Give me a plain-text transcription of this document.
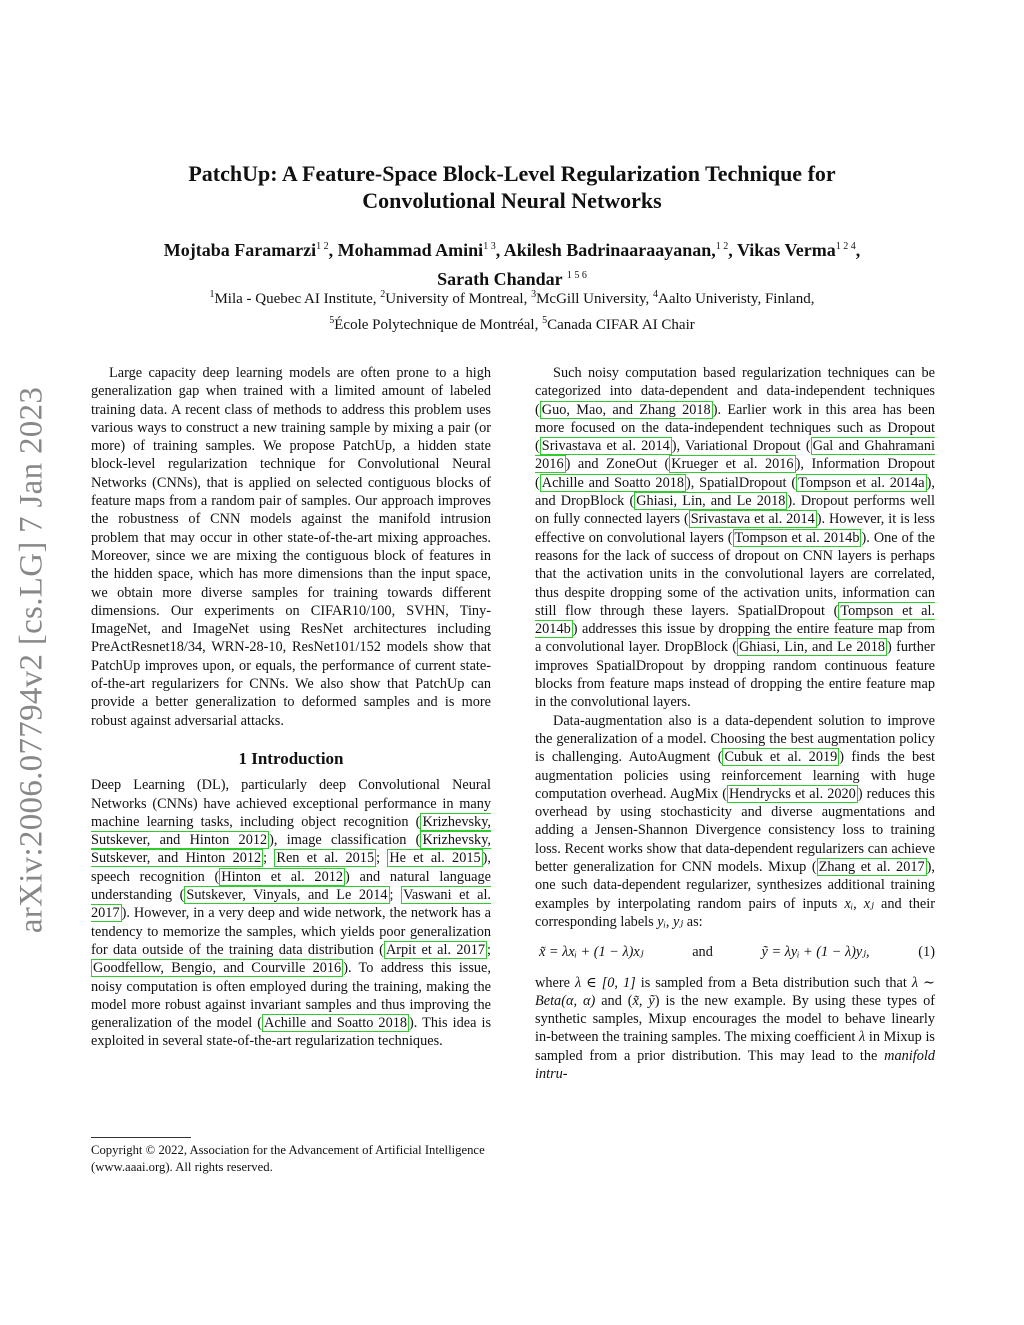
arXiv:2006.07794v2 [cs.LG] 7 Jan 2023
PatchUp: A Feature-Space Block-Level Regularization Technique for
Convolutional Neural Networks
Mojtaba Faramarzi$^{1 2}$, Mohammad Amini$^{1 3}$, Akilesh Badrinaaraayanan,$^{1 2}$, Vikas Verma$^{1 2 4}$,
Sarath Chandar $^{1 5 6}$
$^1$Mila - Quebec AI Institute, $^2$University of Montreal, $^3$McGill University, $^4$Aalto Univeristy, Finland,
$^5$École Polytechnique de Montréal, $^5$Canada CIFAR AI Chair

Large capacity deep learning models are often prone to a high generalization gap when trained with a limited amount of labeled training data. A recent class of methods to address this problem uses various ways to construct a new training sample by mixing a pair (or more) of training samples. We propose PatchUp, a hidden state block-level regularization technique for Convolutional Neural Networks (CNNs), that is applied on selected contiguous blocks of feature maps from a random pair of samples. Our approach improves the robustness of CNN models against the manifold intrusion problem that may occur in other state-of-the-art mixing approaches. Moreover, since we are mixing the contiguous block of features in the hidden space, which has more dimensions than the input space, we obtain more diverse samples for training towards different dimensions. Our experiments on CIFAR10/100, SVHN, Tiny-ImageNet, and ImageNet using ResNet architectures including PreActResnet18/34, WRN-28-10, ResNet101/152 models show that PatchUp improves upon, or equals, the performance of current state-of-the-art regularizers for CNNs. We also show that PatchUp can provide a better generalization to deformed samples and is more robust against adversarial attacks.

1 Introduction

Deep Learning (DL), particularly deep Convolutional Neural Networks (CNNs) have achieved exceptional performance in many machine learning tasks, including object recognition ( Krizhevsky, Sutskever, and Hinton 2012 ), image classification ( Krizhevsky, Sutskever, and Hinton 2012 ; Ren et al. 2015 ; He et al. 2015 ), speech recognition ( Hinton et al. 2012 ) and natural language understanding ( Sutskever, Vinyals, and Le 2014 ; Vaswani et al. 2017 ). However, in a very deep and wide network, the network has a tendency to memorize the samples, which yields poor generalization for data outside of the training data distribution ( Arpit et al. 2017 ; Goodfellow, Bengio, and Courville 2016 ). To address this issue, noisy computation is often employed during the training, making the model more robust against invariant samples and thus improving the generalization of the model ( Achille and Soatto 2018 ). This idea is exploited in several state-of-the-art regularization techniques.

Copyright © 2022, Association for the Advancement of Artificial Intelligence (www.aaai.org). All rights reserved.

Such noisy computation based regularization techniques can be categorized into data-dependent and data-independent techniques ( Guo, Mao, and Zhang 2018 ). Earlier work in this area has been more focused on the data-independent techniques such as Dropout ( Srivastava et al. 2014 ), Variational Dropout ( Gal and Ghahramani 2016 ) and ZoneOut ( Krueger et al. 2016 ), Information Dropout ( Achille and Soatto 2018 ), SpatialDropout ( Tompson et al. 2014a ), and DropBlock ( Ghiasi, Lin, and Le 2018 ). Dropout performs well on fully connected layers ( Srivastava et al. 2014 ). However, it is less effective on convolutional layers ( Tompson et al. 2014b ). One of the reasons for the lack of success of dropout on CNN layers is perhaps that the activation units in the convolutional layers are correlated, thus despite dropping some of the activation units, information can still flow through these layers. SpatialDropout ( Tompson et al. 2014b ) addresses this issue by dropping the entire feature map from a convolutional layer. DropBlock ( Ghiasi, Lin, and Le 2018 ) further improves SpatialDropout by dropping random continuous feature blocks from feature maps instead of dropping the entire feature map in the convolutional layers.

Data-augmentation also is a data-dependent solution to improve the generalization of a model. Choosing the best augmentation policy is challenging. AutoAugment ( Cubuk et al. 2019 ) finds the best augmentation policies using reinforcement learning with huge computation overhead. AugMix ( Hendrycks et al. 2020 ) reduces this overhead by using stochasticity and diverse augmentations and adding a Jensen-Shannon Divergence consistency loss to training loss. Recent works show that data-dependent regularizers can achieve better generalization for CNN models. Mixup ( Zhang et al. 2017 ), one such data-dependent regularizer, synthesizes additional training examples by interpolating random pairs of inputs xᵢ, xⱼ and their corresponding labels yᵢ, yⱼ as:

x̃ = λxᵢ + (1 − λ)xⱼ	and	ỹ = λyᵢ + (1 − λ)yⱼ,	(1)

where λ ∈ [0, 1] is sampled from a Beta distribution such that λ ∼ Beta(α, α) and (x̃, ỹ) is the new example. By using these types of synthetic samples, Mixup encourages the model to behave linearly in-between the training samples. The mixing coefficient λ in Mixup is sampled from a prior distribution. This may lead to the manifold intru-
